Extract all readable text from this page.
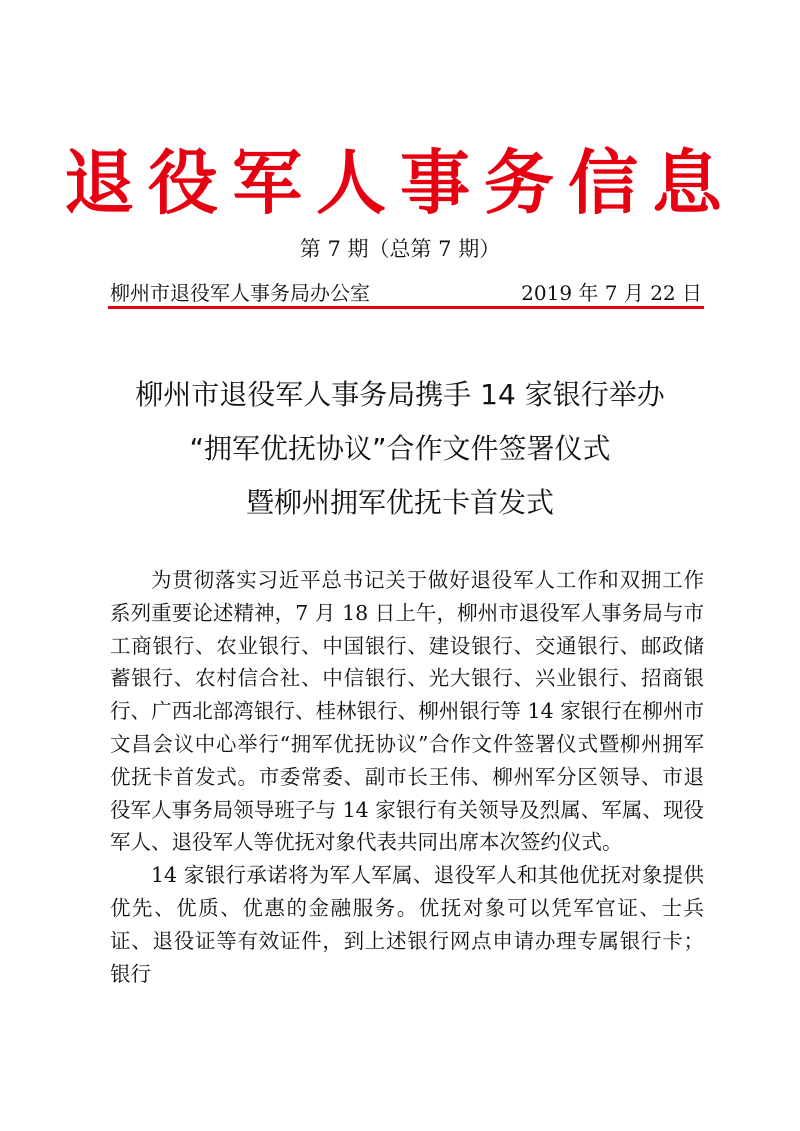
退役军人事务信息
第 7 期（总第 7 期）
柳州市退役军人事务局办公室	2019 年 7 月 22 日
柳州市退役军人事务局携手 14 家银行举办
“拥军优抚协议”合作文件签署仪式
暨柳州拥军优抚卡首发式

为贯彻落实习近平总书记关于做好退役军人工作和双拥工作系列重要论述精神，7 月 18 日上午，柳州市退役军人事务局与市工商银行、农业银行、中国银行、建设银行、交通银行、邮政储蓄银行、农村信合社、中信银行、光大银行、兴业银行、招商银行、广西北部湾银行、桂林银行、柳州银行等 14 家银行在柳州市文昌会议中心举行“拥军优抚协议”合作文件签署仪式暨柳州拥军优抚卡首发式。市委常委、副市长王伟、柳州军分区领导、市退役军人事务局领导班子与 14 家银行有关领导及烈属、军属、现役军人、退役军人等优抚对象代表共同出席本次签约仪式。

14 家银行承诺将为军人军属、退役军人和其他优抚对象提供优先、优质、优惠的金融服务。优抚对象可以凭军官证、士兵证、退役证等有效证件，到上述银行网点申请办理专属银行卡；银行
